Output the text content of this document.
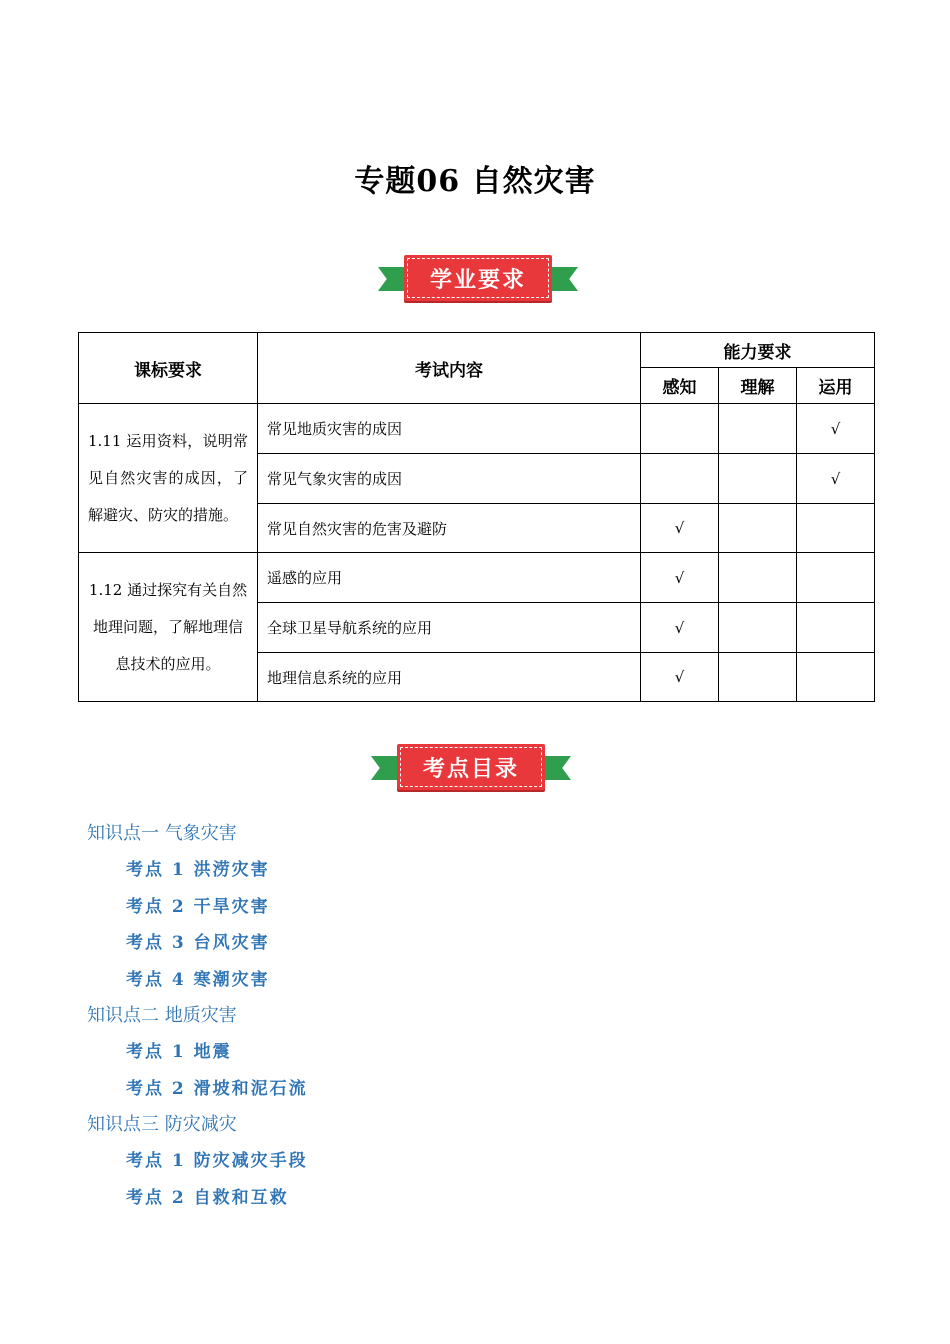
专题06 自然灾害
学业要求
课标要求	考试内容	能力要求		
		感知	理解	运用
1.11 运用资料，说明常见自然灾害的成因，了解避灾、防灾的措施。	常见地质灾害的成因			√
	常见气象灾害的成因			√
	常见自然灾害的危害及避防	√		
1.12 通过探究有关自然地理问题，了解地理信息技术的应用。	遥感的应用	√		
	全球卫星导航系统的应用	√		
	地理信息系统的应用	√		
考点目录
知识点一 气象灾害
考点 1 洪涝灾害
考点 2 干旱灾害
考点 3 台风灾害
考点 4 寒潮灾害
知识点二 地质灾害
考点 1 地震
考点 2 滑坡和泥石流
知识点三 防灾减灾
考点 1 防灾减灾手段
考点 2 自救和互救
